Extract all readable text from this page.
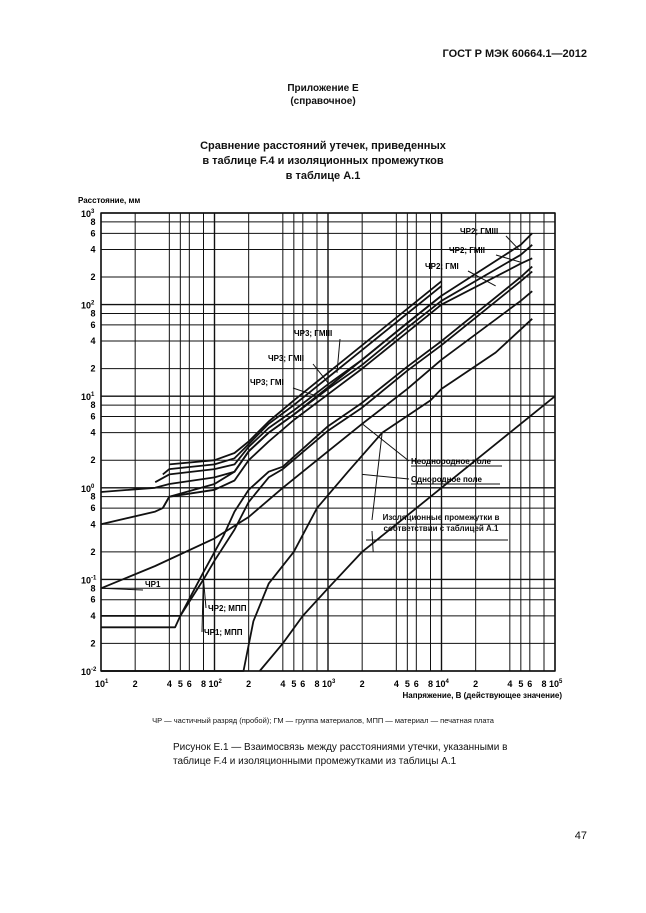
ГОСТ Р МЭК 60664.1—2012
Приложение Е
(справочное)
Сравнение расстояний утечек, приведенных
в таблице F.4 и изоляционных промежутков
в таблице А.1
$10^1$	$10^2$	$10^3$	$10^4$	$10^5$
2	4 5 6 8	2	4 5 6 8	2	4 5 6 8	2	4 5 6 8
$10^{-2}$
$10^{-1}$
$10^0$
$10^1$
$10^2$
$10^3$
2
4
6
8
2
4
6
8
2
4
6
8
2
4
6
8
2
4
6
8
Расстояние, мм
Напряжение, В (действующее значение)
ЧР2; ГМIII
ЧР2; ГМII
ЧР2; ГМI
ЧР3; ГМIII
ЧР3; ГМII
ЧР3; ГМI
Неоднородное поле
Однородное поле
Изоляционные промежутки в соответствии с таблицей А.1
ЧР1
ЧР2; МПП
ЧР1; МПП
ЧР — частичный разряд (пробой); ГМ — группа материалов, МПП — материал — печатная плата
Рисунок Е.1 — Взаимосвязь между расстояниями утечки, указанными в
таблице F.4 и изоляционными промежутками из таблицы А.1
47
